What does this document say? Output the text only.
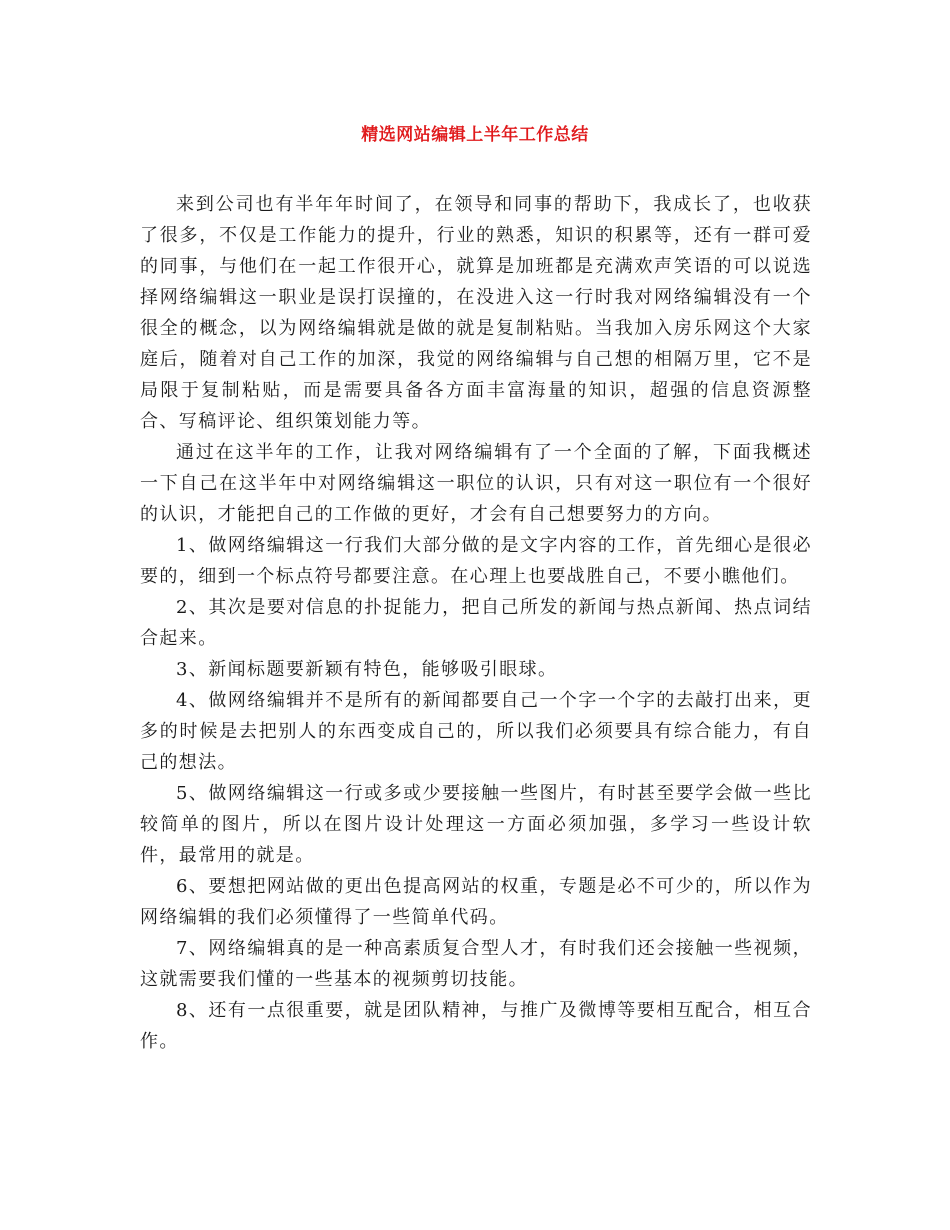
精选网站编辑上半年工作总结

来到公司也有半年年时间了，在领导和同事的帮助下，我成长了，也收获了很多，不仅是工作能力的提升，行业的熟悉，知识的积累等，还有一群可爱的同事，与他们在一起工作很开心，就算是加班都是充满欢声笑语的可以说选择网络编辑这一职业是误打误撞的，在没进入这一行时我对网络编辑没有一个很全的概念，以为网络编辑就是做的就是复制粘贴。当我加入房乐网这个大家庭后，随着对自己工作的加深，我觉的网络编辑与自己想的相隔万里，它不是局限于复制粘贴，而是需要具备各方面丰富海量的知识，超强的信息资源整合、写稿评论、组织策划能力等。

通过在这半年的工作，让我对网络编辑有了一个全面的了解，下面我概述一下自己在这半年中对网络编辑这一职位的认识，只有对这一职位有一个很好的认识，才能把自己的工作做的更好，才会有自己想要努力的方向。

1、做网络编辑这一行我们大部分做的是文字内容的工作，首先细心是很必要的，细到一个标点符号都要注意。在心理上也要战胜自己，不要小瞧他们。

2、其次是要对信息的扑捉能力，把自己所发的新闻与热点新闻、热点词结合起来。

3、新闻标题要新颖有特色，能够吸引眼球。

4、做网络编辑并不是所有的新闻都要自己一个字一个字的去敲打出来，更多的时候是去把别人的东西变成自己的，所以我们必须要具有综合能力，有自己的想法。

5、做网络编辑这一行或多或少要接触一些图片，有时甚至要学会做一些比较简单的图片，所以在图片设计处理这一方面必须加强，多学习一些设计软件，最常用的就是。

6、要想把网站做的更出色提高网站的权重，专题是必不可少的，所以作为网络编辑的我们必须懂得了一些简单代码。

7、网络编辑真的是一种高素质复合型人才，有时我们还会接触一些视频，这就需要我们懂的一些基本的视频剪切技能。

8、还有一点很重要，就是团队精神，与推广及微博等要相互配合，相互合作。
